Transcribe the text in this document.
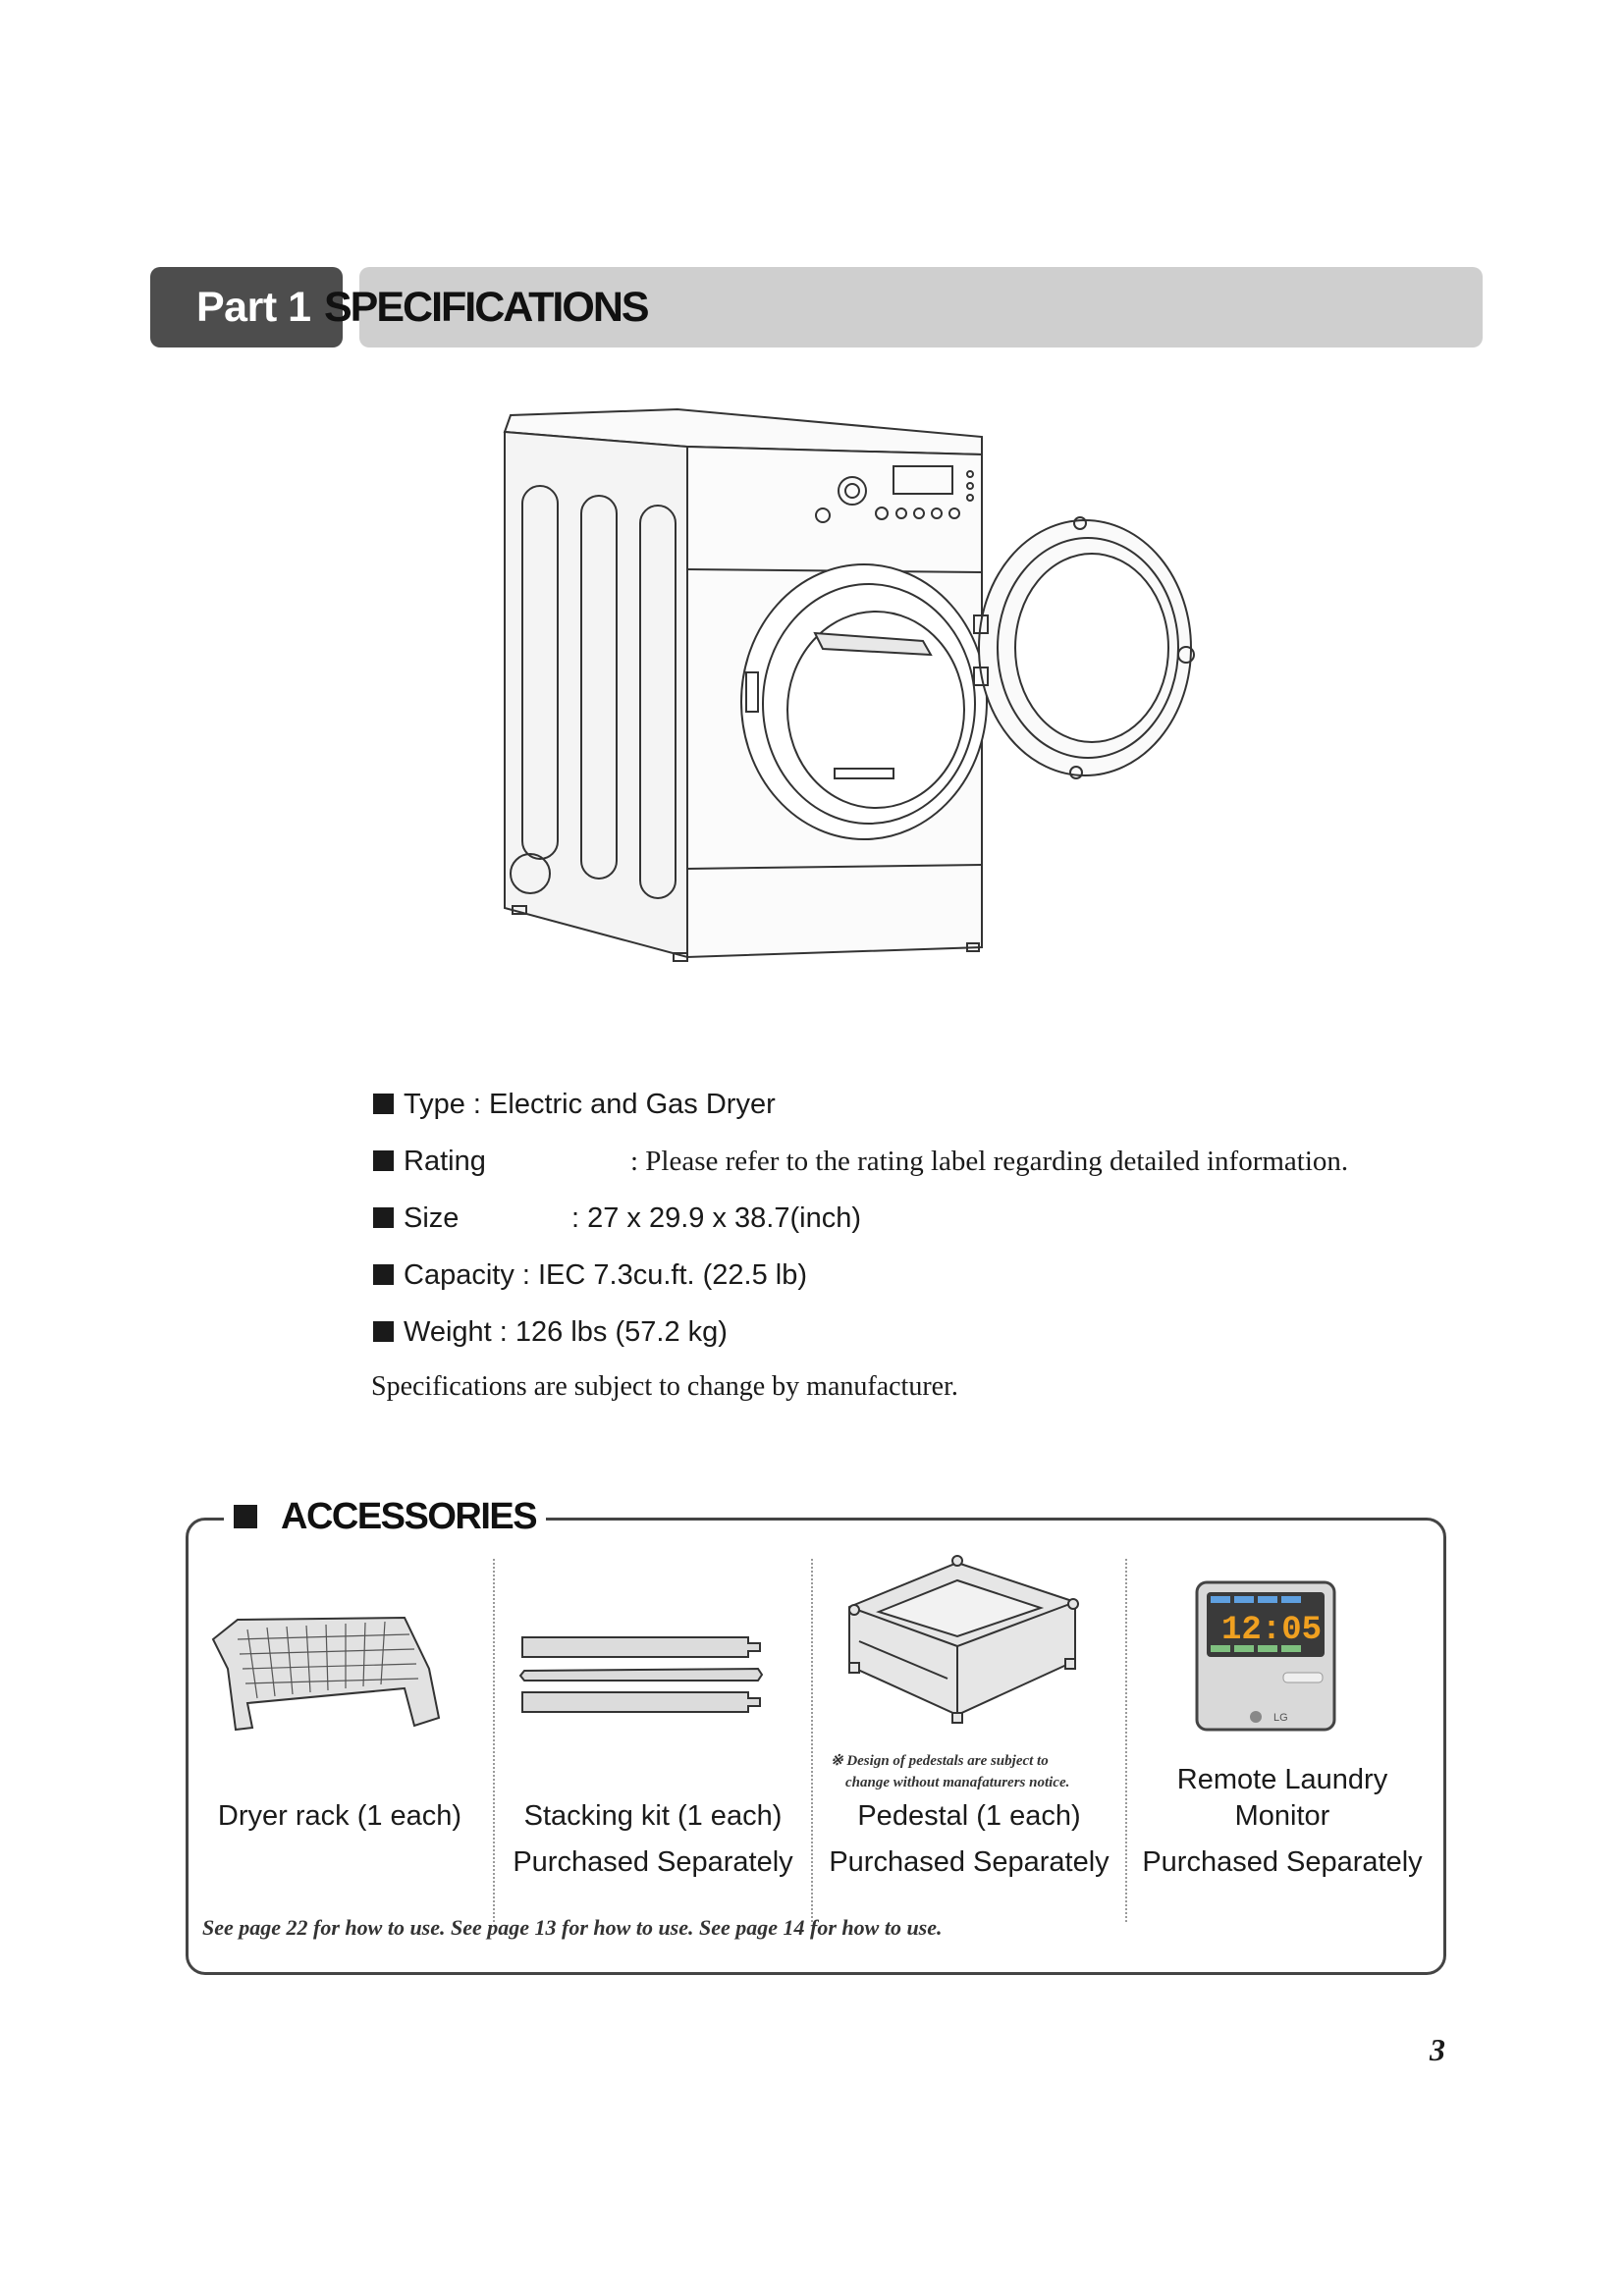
Part 1 SPECIFICATIONS
Type : Electric and Gas Dryer
Rating	: Please refer to the rating label regarding detailed information.
Size	: 27 x 29.9 x 38.7(inch)
Capacity : IEC 7.3cu.ft. (22.5 lb)
Weight : 126 lbs (57.2 kg)
Specifications are subject to change by manufacturer.
ACCESSORIES
12:05
LG
Dryer rack (1 each)	Stacking kit (1 each)
Purchased Separately
※ Design of pedestals are subject to
change without manafaturers notice.
Pedestal (1 each)
Purchased Separately
Remote Laundry
Monitor
Purchased Separately
See page 22 for how to use. See page 13 for how to use. See page 14 for how to use.
3
